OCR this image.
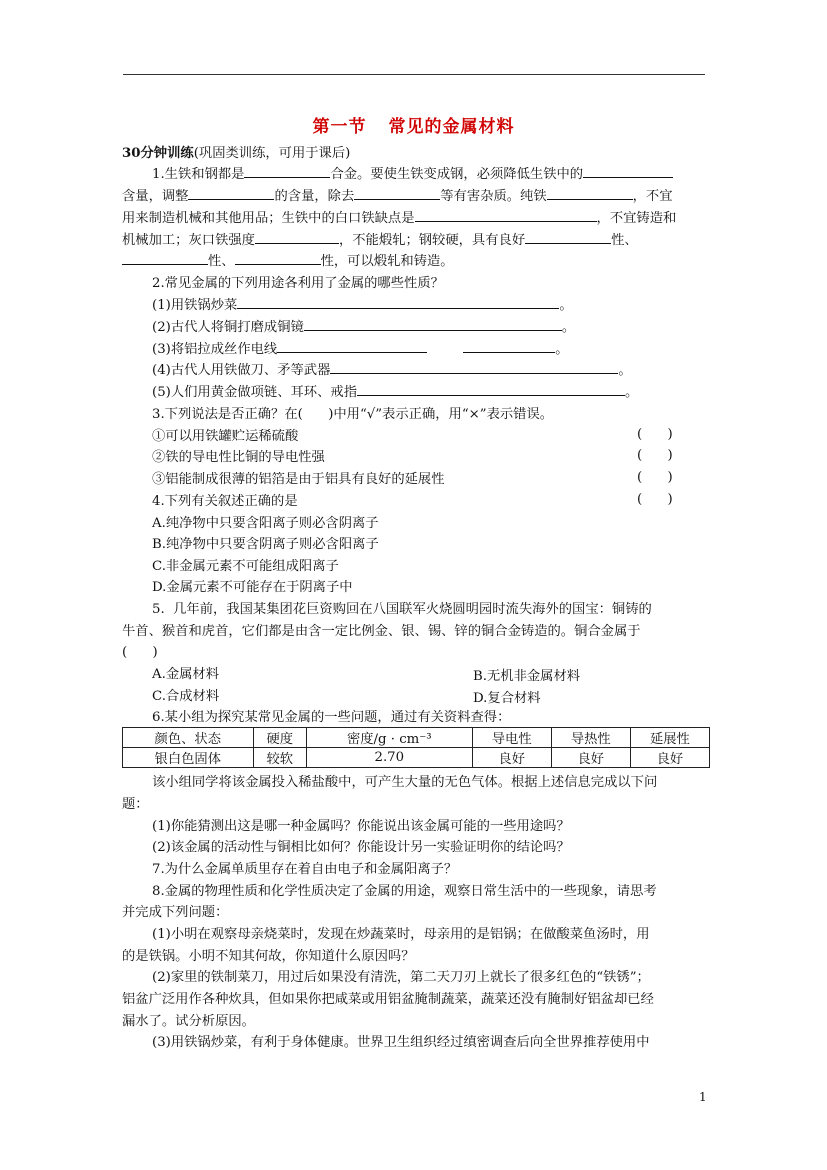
第一节 常见的金属材料
30分钟训练(巩固类训练，可用于课后)
1.生铁和钢都是	合金。要使生铁变成钢，必须降低生铁中的
含量，调整	的含量，除去	等有害杂质。纯铁	，不宜
用来制造机械和其他用品；生铁中的白口铁缺点是	，不宜铸造和
机械加工；灰口铁强度	，不能煅轧；钢较硬，具有良好	性、
性、	性，可以煅轧和铸造。
2.常见金属的下列用途各利用了金属的哪些性质？
(1)用铁锅炒菜	。
(2)古代人将铜打磨成铜镜	。
(3)将铝拉成丝作电线	。
(4)古代人用铁做刀、矛等武器	。
(5)人们用黄金做项链、耳环、戒指	。
3.下列说法是否正确？在(      )中用“√”表示正确，用“×”表示错误。
①可以用铁罐贮运稀硫酸	(      )
②铁的导电性比铜的导电性强	(      )
③铝能制成很薄的铝箔是由于铝具有良好的延展性	(      )
4.下列有关叙述正确的是	(      )
A.纯净物中只要含阳离子则必含阴离子
B.纯净物中只要含阴离子则必含阳离子
C.非金属元素不可能组成阳离子
D.金属元素不可能存在于阴离子中
5.  几年前，我国某集团花巨资购回在八国联军火烧圆明园时流失海外的国宝：铜铸的
牛首、猴首和虎首，它们都是由含一定比例金、银、锡、锌的铜合金铸造的。铜合金属于
(      )
A.金属材料	B.无机非金属材料
C.合成材料	D.复合材料
6.某小组为探究某常见金属的一些问题，通过有关资料查得：
颜色、状态	硬度	密度/g · cm⁻³	导电性	导热性	延展性
银白色固体	较软	2.70	良好	良好	良好
该小组同学将该金属投入稀盐酸中，可产生大量的无色气体。根据上述信息完成以下问
题：
(1)你能猜测出这是哪一种金属吗？你能说出该金属可能的一些用途吗？
(2)该金属的活动性与铜相比如何？你能设计另一实验证明你的结论吗？
7.为什么金属单质里存在着自由电子和金属阳离子？
8.金属的物理性质和化学性质决定了金属的用途，观察日常生活中的一些现象，请思考
并完成下列问题：
(1)小明在观察母亲烧菜时，发现在炒蔬菜时，母亲用的是铝锅；在做酸菜鱼汤时，用
的是铁锅。小明不知其何故，你知道什么原因吗？
(2)家里的铁制菜刀，用过后如果没有清洗，第二天刀刃上就长了很多红色的“铁锈”；
铝盆广泛用作各种炊具，但如果你把咸菜或用铝盆腌制蔬菜，蔬菜还没有腌制好铝盆却已经
漏水了。试分析原因。
(3)用铁锅炒菜，有利于身体健康。世界卫生组织经过缜密调查后向全世界推荐使用中
1
